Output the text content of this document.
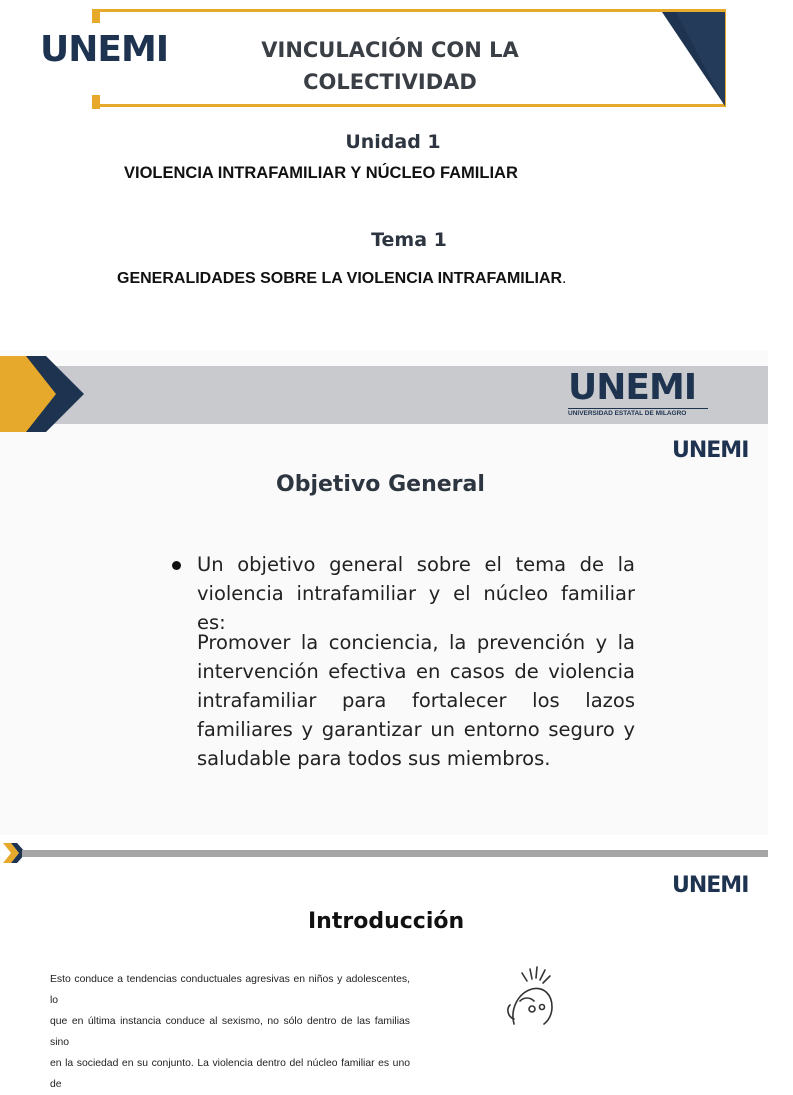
UNEMI	VINCULACIÓN CON LA COLECTIVIDAD
Unidad 1
VIOLENCIA INTRAFAMILIAR Y NÚCLEO FAMILIAR
Tema 1
GENERALIDADES SOBRE LA VIOLENCIA INTRAFAMILIAR.
UNEMI
UNIVERSIDAD ESTATAL DE MILAGRO
UNEMI
Objetivo General
Un objetivo general sobre el tema de la violencia intrafamiliar y el núcleo familiar es:
Promover la conciencia, la prevención y la intervención efectiva en casos de violencia intrafamiliar para fortalecer los lazos familiares y garantizar un entorno seguro y saludable para todos sus miembros.
UNEMI
Introducción
Esto conduce a tendencias conductuales agresivas en niños y adolescentes, lo
que en última instancia conduce al sexismo, no sólo dentro de las familias sino
en la sociedad en su conjunto. La violencia dentro del núcleo familiar es uno de
